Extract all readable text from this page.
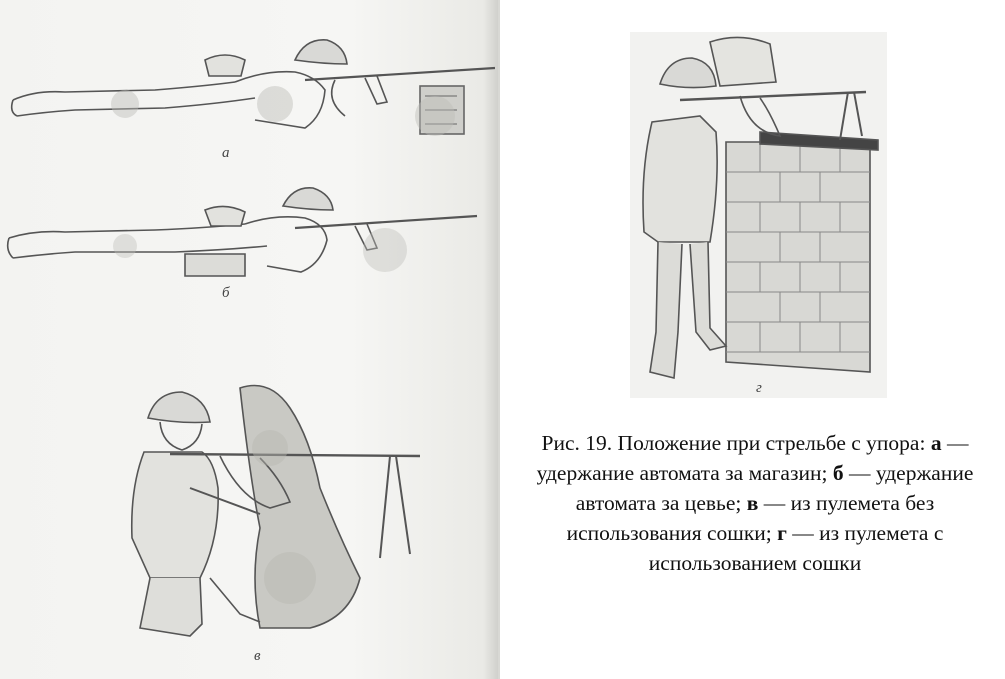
а
б
в
г
Рис. 19. Положение при стрельбе с упора: а — удержание автомата за магазин; б — удержание автомата за цевье; в — из пулемета без использования сошки; г — из пулемета с использованием сошки
